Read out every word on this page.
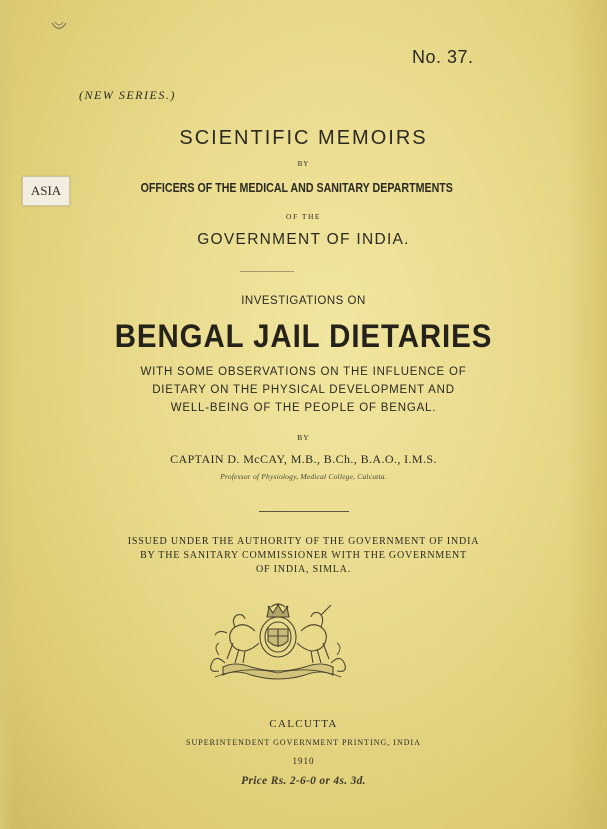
ASIA
No. 37.
(NEW SERIES.)
SCIENTIFIC MEMOIRS
BY
OFFICERS OF THE MEDICAL AND SANITARY DEPARTMENTS
OF THE
GOVERNMENT OF INDIA.
INVESTIGATIONS ON
BENGAL JAIL DIETARIES
WITH SOME OBSERVATIONS ON THE INFLUENCE OF
DIETARY ON THE PHYSICAL DEVELOPMENT AND
WELL-BEING OF THE PEOPLE OF BENGAL.
BY
CAPTAIN D. McCAY, M.B., B.Ch., B.A.O., I.M.S.
Professor of Physiology, Medical College, Calcutta.
ISSUED UNDER THE AUTHORITY OF THE GOVERNMENT OF INDIA
BY THE SANITARY COMMISSIONER WITH THE GOVERNMENT
OF INDIA, SIMLA.
CALCUTTA
SUPERINTENDENT GOVERNMENT PRINTING, INDIA
1910
Price Rs. 2-6-0 or 4s. 3d.
